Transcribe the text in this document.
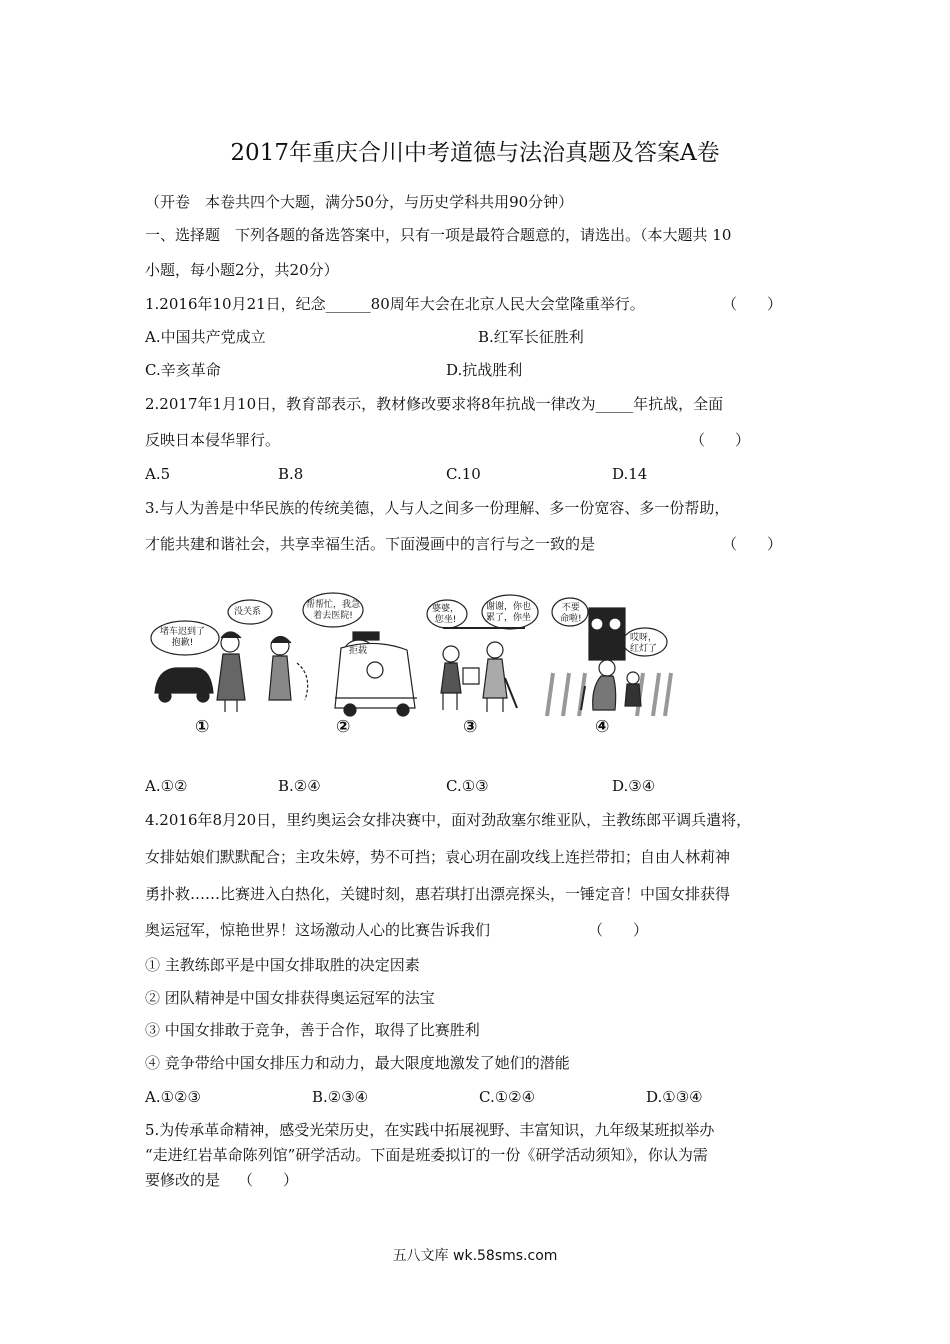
2017年重庆合川中考道德与法治真题及答案A卷
（开卷　本卷共四个大题，满分50分，与历史学科共用90分钟）
一、选择题　下列各题的备选答案中，只有一项是最符合题意的，请选出。（本大题共 10
小题，每小题2分，共20分）
1.2016年10月21日，纪念______80周年大会在北京人民大会堂隆重举行。	（　　）
A.中国共产党成立	B.红军长征胜利
C.辛亥革命	D.抗战胜利
2.2017年1月10日，教育部表示，教材修改要求将8年抗战一律改为_____年抗战，全面
反映日本侵华罪行。	（　　）
A.5	B.8	C.10	D.14
3.与人为善是中华民族的传统美德，人与人之间多一份理解、多一份宽容、多一份帮助，
才能共建和谐社会，共享幸福生活。下面漫画中的言行与之一致的是	（　　）
堵车迟到了
抱歉!
没关系
帮帮忙，我急
着去医院!
拒载
婆婆，
您坐!
谢谢，你也
累了，你坐
不要
命啦!
哎呀，
红灯了
①	②	③	④
A.①②	B.②④	C.①③	D.③④
4.2016年8月20日，里约奥运会女排决赛中，面对劲敌塞尔维亚队，主教练郎平调兵遣将，
女排姑娘们默默配合；主攻朱婷，势不可挡；袁心玥在副攻线上连拦带扣；自由人林莉神
勇扑救……比赛进入白热化，关键时刻，惠若琪打出漂亮探头，一锤定音！中国女排获得
奥运冠军，惊艳世界！这场激动人心的比赛告诉我们	（　　）
① 主教练郎平是中国女排取胜的决定因素
② 团队精神是中国女排获得奥运冠军的法宝
③ 中国女排敢于竞争，善于合作，取得了比赛胜利
④ 竞争带给中国女排压力和动力，最大限度地激发了她们的潜能
A.①②③	B.②③④	C.①②④	D.①③④
5.为传承革命精神，感受光荣历史，在实践中拓展视野、丰富知识，九年级某班拟举办
“走进红岩革命陈列馆”研学活动。下面是班委拟订的一份《研学活动须知》，你认为需
要修改的是 （　　）
五八文库 wk.58sms.com
